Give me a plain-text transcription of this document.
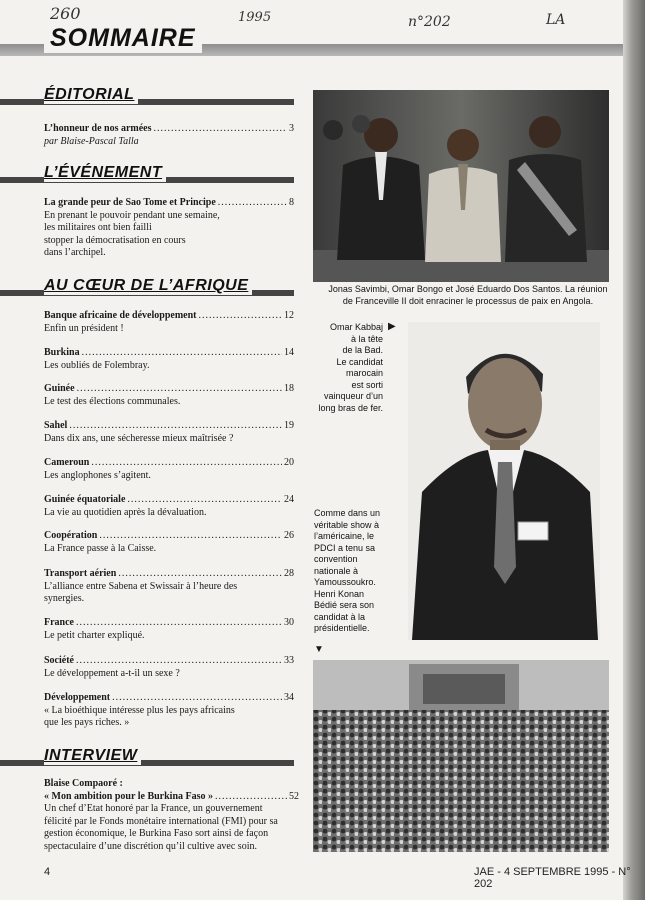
260	1995	n°202	LA
SOMMAIRE
ÉDITORIAL
L’honneur de nos armées .....	3
par Blaise-Pascal Talla
L’ÉVÉNEMENT
La grande peur de Sao Tome et Principe .....	8
En prenant le pouvoir pendant une semaine,
les militaires ont bien failli
stopper la démocratisation en cours
dans l’archipel.
AU CŒUR DE L’AFRIQUE
Banque africaine de développement .....	12
Enfin un président !
Burkina .....	14
Les oubliés de Folembray.
Guinée .....	18
Le test des élections communales.
Sahel .....	19
Dans dix ans, une sécheresse mieux maîtrisée ?
Cameroun .....	20
Les anglophones s’agitent.
Guinée équatoriale .....	24
La vie au quotidien après la dévaluation.
Coopération .....	26
La France passe à la Caisse.
Transport aérien .....	28
L’alliance entre Sabena et Swissair à l’heure des
synergies.
France .....	30
Le petit charter expliqué.
Société .....	33
Le développement a-t-il un sexe ?
Développement .....	34
« La bioéthique intéresse plus les pays africains
que les pays riches. »
INTERVIEW
Blaise Compaoré :
« Mon ambition pour le Burkina Faso » .....	52
Un chef d’Etat honoré par la France, un gouvernement
félicité par le Fonds monétaire international (FMI) pour sa
gestion économique, le Burkina Faso sort ainsi de façon
spectaculaire d’une discrétion qu’il cultive avec soin.
Jonas Savimbi, Omar Bongo et José Eduardo Dos Santos. La réunion
de Franceville II doit enraciner le processus de paix en Angola.
Omar Kabbaj
à la tête
de la Bad.
Le candidat
marocain
est sorti
vainqueur d’un
long bras de fer.
▶
Comme dans un
véritable show à
l’américaine, le
PDCI a tenu sa
convention
nationale à
Yamoussoukro.
Henri Konan
Bédié sera son
candidat à la
présidentielle.
▼
4	JAE - 4 SEPTEMBRE 1995 - N° 202
